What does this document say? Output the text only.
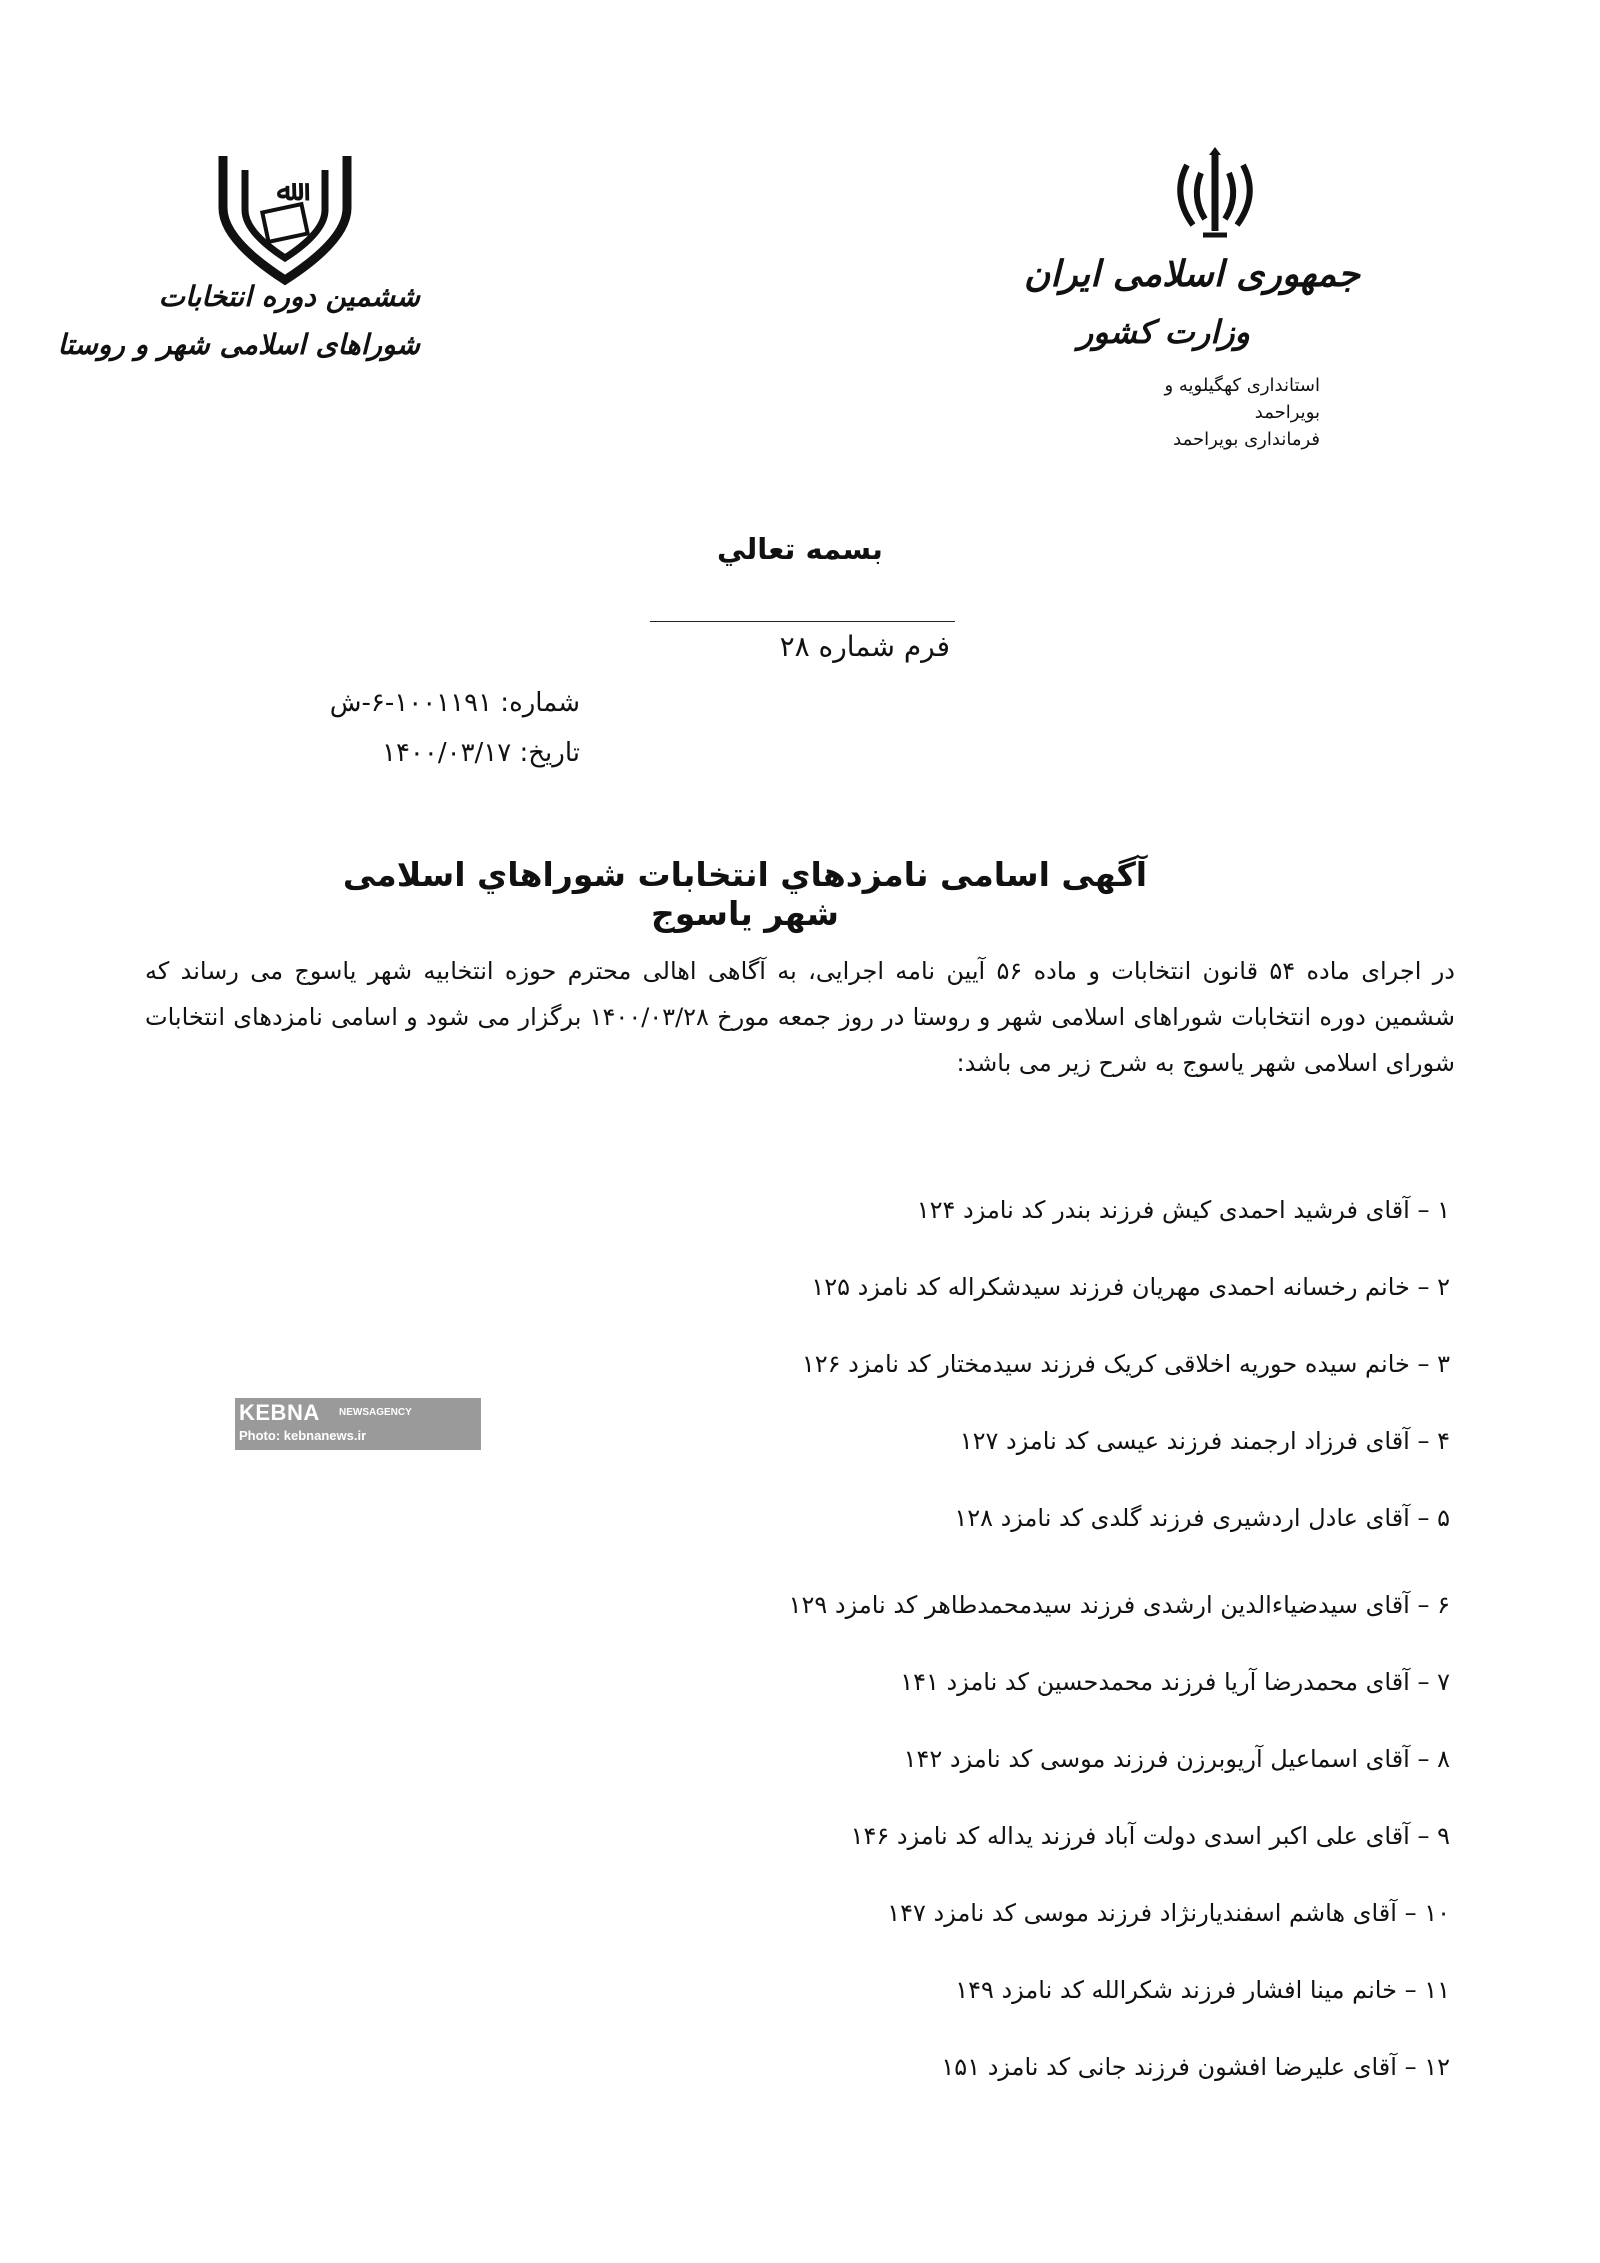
ﷲ
ششمین دوره انتخابات
شوراهای اسلامی شهر و روستا
جمهوری اسلامی ایران
وزارت کشور
استانداری کهگیلویه و
بویراحمد
فرمانداری بویراحمد
بسمه تعالي
فرم شماره ۲۸
شماره: ۱۰۰۱۱۹۱-۶-ش
تاریخ: ۱۴۰۰/۰۳/۱۷
آگهی اسامی نامزدهاي انتخابات شوراهاي اسلامی شهر یاسوج
در اجرای ماده ۵۴ قانون انتخابات و ماده ۵۶ آیین نامه اجرایی، به آگاهی اهالی محترم حوزه انتخابیه شهر یاسوج می رساند که ششمین دوره انتخابات شوراهای اسلامی شهر و روستا در روز جمعه مورخ ۱۴۰۰/۰۳/۲۸ برگزار می شود و اسامی نامزدهای انتخابات شورای اسلامی شهر یاسوج به شرح زیر می باشد:
۱ – آقای فرشید احمدی کیش فرزند بندر کد نامزد ۱۲۴
۲ – خانم رخسانه احمدی مهریان فرزند سیدشکراله کد نامزد ۱۲۵
۳ – خانم سیده حوریه اخلاقی کریک فرزند سیدمختار کد نامزد ۱۲۶
۴ – آقای فرزاد ارجمند فرزند عیسی کد نامزد ۱۲۷
۵ – آقای عادل اردشیری فرزند گلدی کد نامزد ۱۲۸
۶ – آقای سیدضیاءالدین ارشدی فرزند سیدمحمدطاهر کد نامزد ۱۲۹
۷ – آقای محمدرضا آریا فرزند محمدحسین کد نامزد ۱۴۱
۸ – آقای اسماعیل آریوبرزن فرزند موسی کد نامزد ۱۴۲
۹ – آقای علی اکبر اسدی دولت آباد فرزند یداله کد نامزد ۱۴۶
۱۰ – آقای هاشم اسفندیارنژاد فرزند موسی کد نامزد ۱۴۷
۱۱ – خانم مینا افشار فرزند شکرالله کد نامزد ۱۴۹
۱۲ – آقای علیرضا افشون فرزند جانی کد نامزد ۱۵۱
KEBNA NEWSAGENCY
Photo: kebnanews.ir
